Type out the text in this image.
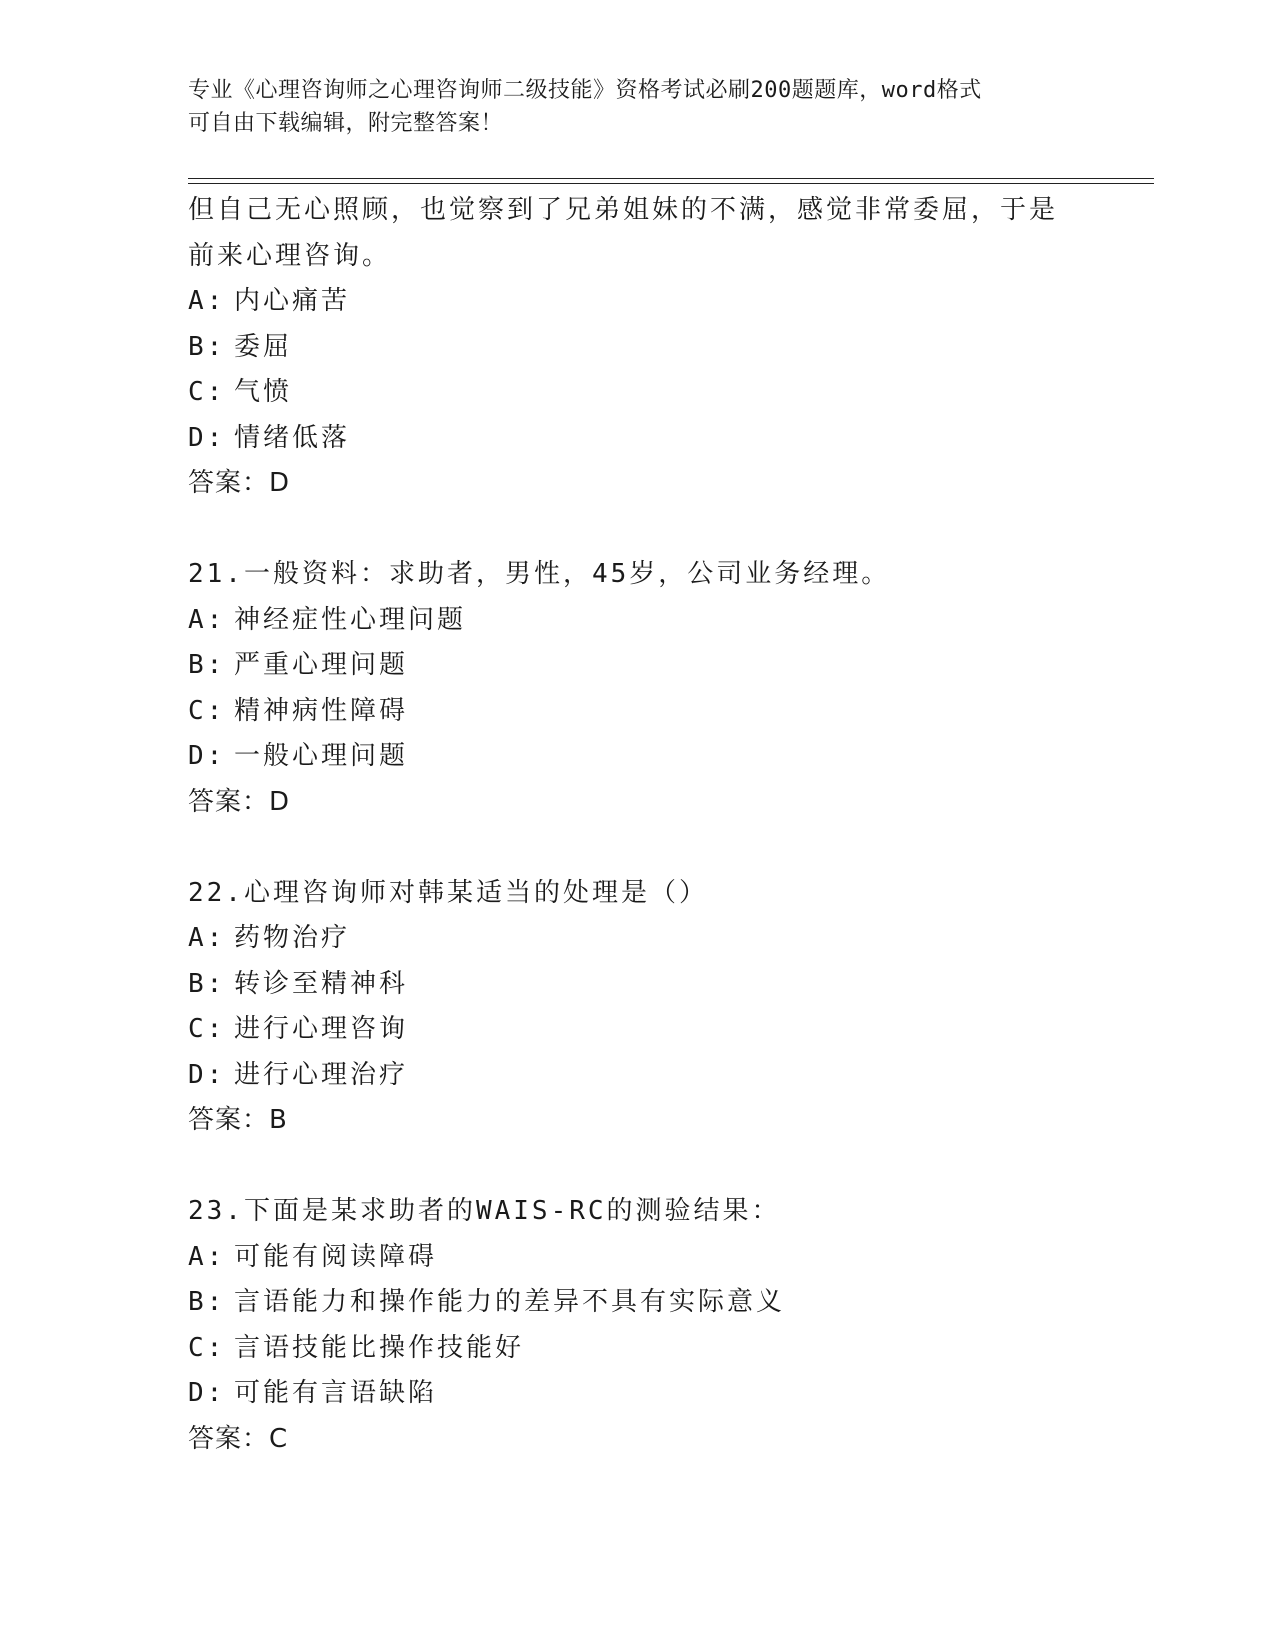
专业《心理咨询师之心理咨询师二级技能》资格考试必刷200题题库，word格式
可自由下载编辑，附完整答案！
但自己无心照顾，也觉察到了兄弟姐妹的不满，感觉非常委屈，于是
前来心理咨询。
A: 内心痛苦
B: 委屈
C: 气愤
D: 情绪低落
答案：D
21.一般资料：求助者，男性，45岁，公司业务经理。
A: 神经症性心理问题
B: 严重心理问题
C: 精神病性障碍
D: 一般心理问题
答案：D
22.心理咨询师对韩某适当的处理是（）
A: 药物治疗
B: 转诊至精神科
C: 进行心理咨询
D: 进行心理治疗
答案：B
23.下面是某求助者的WAIS-RC的测验结果：
A: 可能有阅读障碍
B: 言语能力和操作能力的差异不具有实际意义
C: 言语技能比操作技能好
D: 可能有言语缺陷
答案：C
